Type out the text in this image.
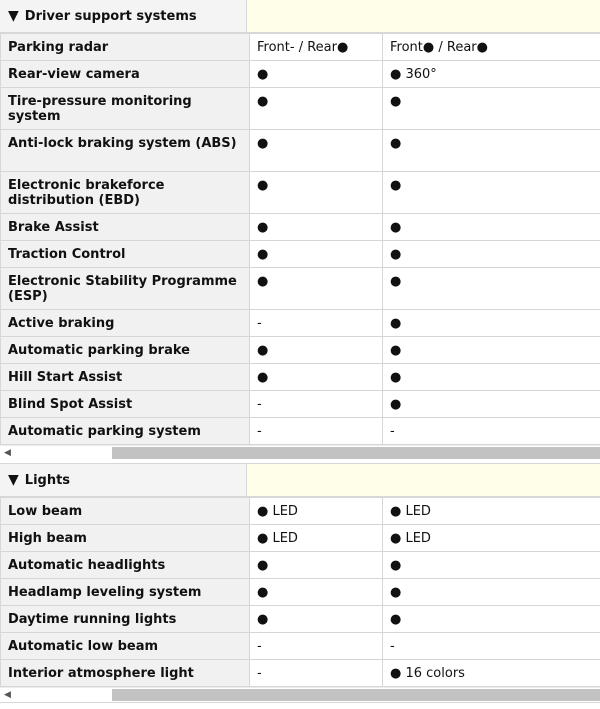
▼ Driver support systems
Parking radar	Front- / Rear●	Front● / Rear●
Rear-view camera	●	● 360°
Tire-pressure monitoring system	●	●
Anti-lock braking system (ABS)	●	●
Electronic brakeforce distribution (EBD)	●	●
Brake Assist	●	●
Traction Control	●	●
Electronic Stability Programme (ESP)	●	●
Active braking	-	●
Automatic parking brake	●	●
Hill Start Assist	●	●
Blind Spot Assist	-	●
Automatic parking system	-	-
◀
▼ Lights
Low beam	● LED	● LED
High beam	● LED	● LED
Automatic headlights	●	●
Headlamp leveling system	●	●
Daytime running lights	●	●
Automatic low beam	-	-
Interior atmosphere light	-	● 16 colors
◀
